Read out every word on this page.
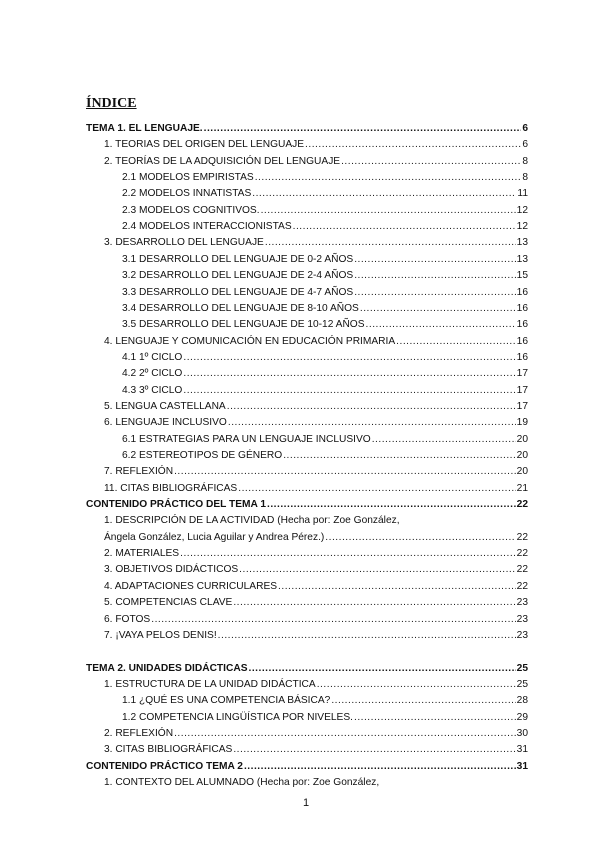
ÍNDICE
1. CONTEXTO DEL ALUMNADO (Hecha por: Zoe González,
1
TEMA 1. EL LENGUAJE. .....	6
1. TEORIAS DEL ORIGEN DEL LENGUAJE .....	6
2. TEORÍAS DE LA ADQUISICIÓN DEL LENGUAJE .....	8
2.1 MODELOS EMPIRISTAS .....	8
2.2 MODELOS INNATISTAS .....	11
2.3 MODELOS COGNITIVOS. .....	12
2.4 MODELOS INTERACCIONISTAS .....	12
3. DESARROLLO DEL LENGUAJE .....	13
3.1 DESARROLLO DEL LENGUAJE DE 0-2 AÑOS .....	13
3.2 DESARROLLO DEL LENGUAJE DE 2-4 AÑOS .....	15
3.3 DESARROLLO DEL LENGUAJE DE 4-7 AÑOS .....	16
3.4 DESARROLLO DEL LENGUAJE DE 8-10 AÑOS .....	16
3.5 DESARROLLO DEL LENGUAJE DE 10-12 AÑOS .....	16
4. LENGUAJE Y COMUNICACIÓN EN EDUCACIÓN PRIMARIA .....	16
4.1 1º CICLO .....	16
4.2 2º CICLO .....	17
4.3 3º CICLO .....	17
5. LENGUA CASTELLANA .....	17
6. LENGUAJE INCLUSIVO .....	19
6.1 ESTRATEGIAS PARA UN LENGUAJE INCLUSIVO .....	20
6.2 ESTEREOTIPOS DE GÉNERO .....	20
7. REFLEXIÓN .....	20
11. CITAS BIBLIOGRÁFICAS .....	21
CONTENIDO PRÁCTICO DEL TEMA 1 .....	22
1. DESCRIPCIÓN DE LA ACTIVIDAD (Hecha por: Zoe González,
Ángela González, Lucia Aguilar y Andrea Pérez.) .....	22
2. MATERIALES .....	22
3. OBJETIVOS DIDÁCTICOS .....	22
4. ADAPTACIONES CURRICULARES .....	22
5. COMPETENCIAS CLAVE .....	23
6. FOTOS .....	23
7. ¡VAYA PELOS DENIS! .....	23
TEMA 2. UNIDADES DIDÁCTICAS .....	25
1. ESTRUCTURA DE LA UNIDAD DIDÁCTICA .....	25
1.1 ¿QUÉ ES UNA COMPETENCIA BÁSICA? .....	28
1.2 COMPETENCIA LINGÜÍSTICA POR NIVELES. .....	29
2. REFLEXIÓN .....	30
3. CITAS BIBLIOGRÁFICAS .....	31
CONTENIDO PRÁCTICO TEMA 2 .....	31
